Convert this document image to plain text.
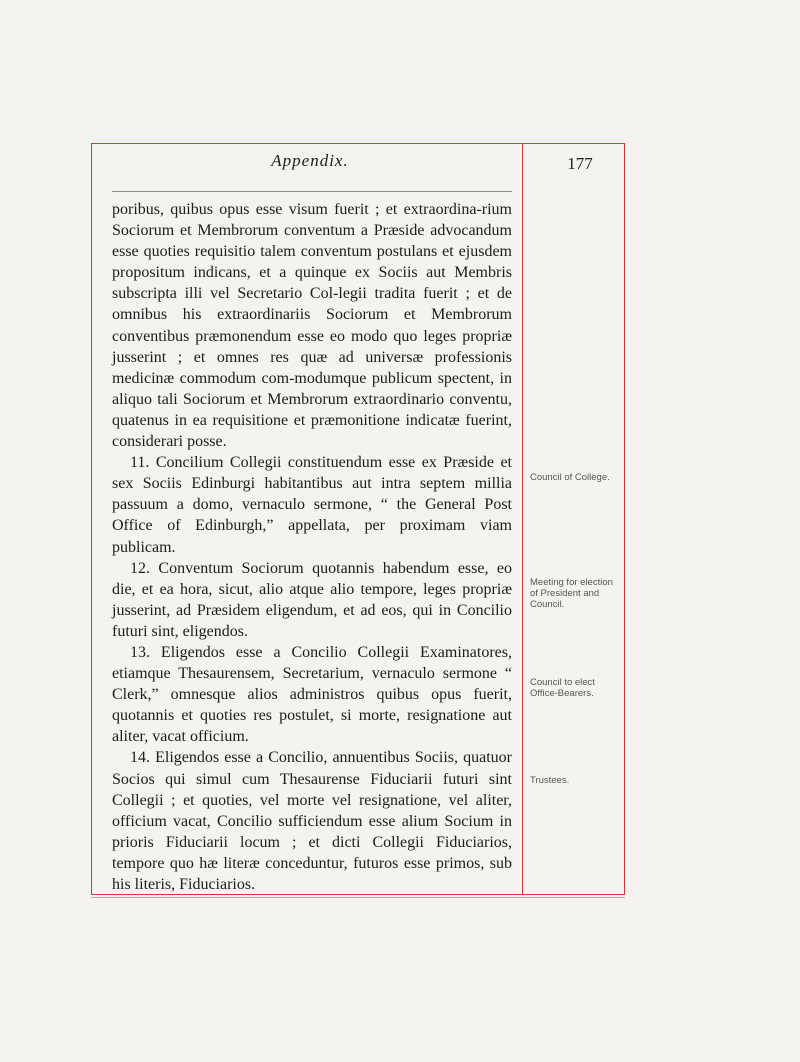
Appendix.	177

poribus, quibus opus esse visum fuerit ; et extraordina-rium Sociorum et Membrorum conventum a Præside advocandum esse quoties requisitio talem conventum postulans et ejusdem propositum indicans, et a quinque ex Sociis aut Membris subscripta illi vel Secretario Col-legii tradita fuerit ; et de omnibus his extraordinariis Sociorum et Membrorum conventibus præmonendum esse eo modo quo leges propriæ jusserint ; et omnes res quæ ad universæ professionis medicinæ commodum com-modumque publicum spectent, in aliquo tali Sociorum et Membrorum extraordinario conventu, quatenus in ea requisitione et præmonitione indicatæ fuerint, considerari posse.

11. Concilium Collegii constituendum esse ex Præside et sex Sociis Edinburgi habitantibus aut intra septem millia passuum a domo, vernaculo sermone, “ the General Post Office of Edinburgh,” appellata, per proximam viam publicam.

12. Conventum Sociorum quotannis habendum esse, eo die, et ea hora, sicut, alio atque alio tempore, leges propriæ jusserint, ad Præsidem eligendum, et ad eos, qui in Concilio futuri sint, eligendos.

13. Eligendos esse a Concilio Collegii Examinatores, etiamque Thesaurensem, Secretarium, vernaculo sermone “ Clerk,” omnesque alios administros quibus opus fuerit, quotannis et quoties res postulet, si morte, resignatione aut aliter, vacat officium.

14. Eligendos esse a Concilio, annuentibus Sociis, quatuor Socios qui simul cum Thesaurense Fiduciarii futuri sint Collegii ; et quoties, vel morte vel resignatione, vel aliter, officium vacat, Concilio sufficiendum esse alium Socium in prioris Fiduciarii locum ; et dicti Collegii Fiduciarios, tempore quo hæ literæ conceduntur, futuros esse primos, sub his literis, Fiduciarios.

Council of College.
Meeting for election of President and Council.
Council to elect Office-Bearers.
Trustees.
